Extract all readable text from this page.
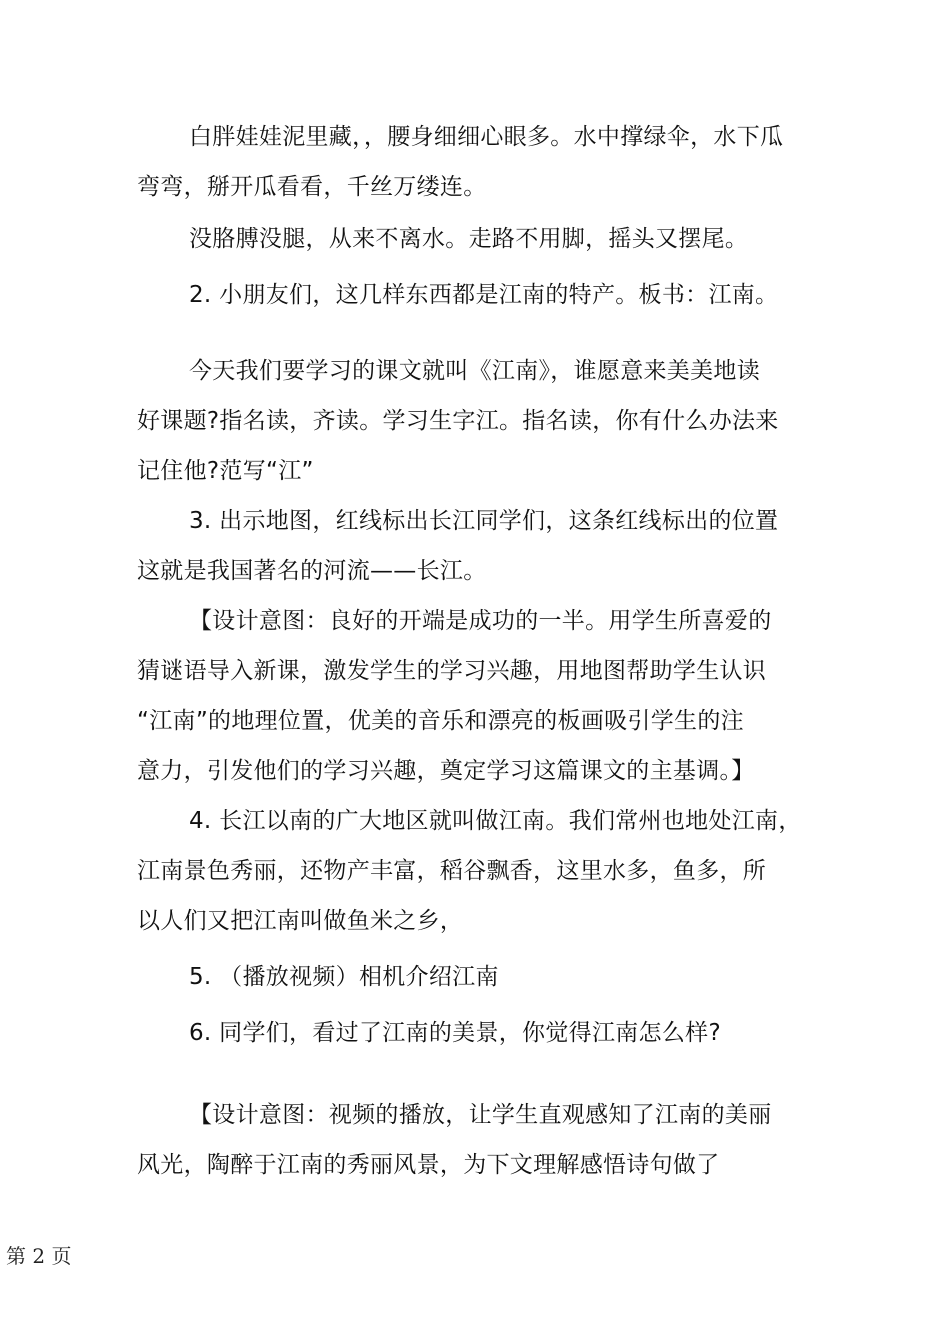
白胖娃娃泥里藏，，腰身细细心眼多。水中撑绿伞，水下瓜
弯弯，掰开瓜看看，千丝万缕连。

没胳膊没腿，从来不离水。走路不用脚，摇头又摆尾。

2. 小朋友们，这几样东西都是江南的特产。板书：江南。

今天我们要学习的课文就叫《江南》，谁愿意来美美地读
好课题?指名读，齐读。学习生字江。指名读，你有什么办法来
记住他?范写“江”

3. 出示地图，红线标出长江同学们，这条红线标出的位置
这就是我国著名的河流——长江。

【设计意图：良好的开端是成功的一半。用学生所喜爱的
猜谜语导入新课，激发学生的学习兴趣，用地图帮助学生认识
“江南”的地理位置，优美的音乐和漂亮的板画吸引学生的注
意力，引发他们的学习兴趣，奠定学习这篇课文的主基调。】

4. 长江以南的广大地区就叫做江南。我们常州也地处江南，
江南景色秀丽，还物产丰富，稻谷飘香，这里水多，鱼多，所
以人们又把江南叫做鱼米之乡，

5. （播放视频）相机介绍江南

6. 同学们，看过了江南的美景，你觉得江南怎么样?

【设计意图：视频的播放，让学生直观感知了江南的美丽
风光，陶醉于江南的秀丽风景，为下文理解感悟诗句做了

第 2 页
